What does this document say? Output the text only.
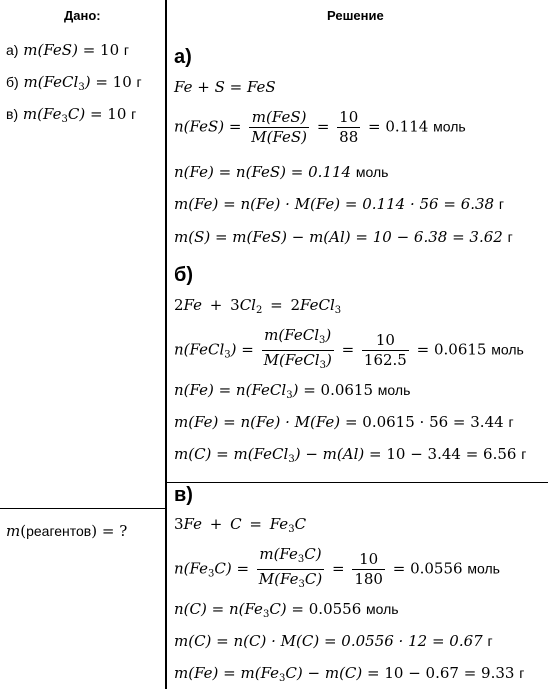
Дано:	Решение
а) m(FeS) = 10 г
б) m(FeCl$_3$) = 10 г
в) $m(Fe_3C) = 10$ г
m(реагентов) = ?
а)
Fe + S = FeS
$n(FeS) = \frac{\text{m(FeS)}}{\text{M(FeS)}} = \frac{10}{88} = 0.114$ моль
n(Fe) = n(FeS) = 0.114 моль
m(Fe) = n(Fe) · M(Fe) = 0.114 · 56 = 6.38 г
m(S) = m(FeS) − m(Al) = 10 − 6.38 = 3.62 г
б)
$2Fe + 3Cl_2$ = 2FeCl$_3$
n(FeCl$_3$) = $\frac{m(FeCl_3)}{M(FeCl_3)} = \frac{10}{162.5} = 0.0615$ моль
n(Fe) = n(FeCl$_3$) = 0.0615 моль
m(Fe) = n(Fe) · M(Fe) = 0.0615 · 56 = 3.44 г
m(C) = m(FeCl$_3$) − m(Al) = 10 − 3.44 = 6.56 г
в)
$3Fe + C = Fe_3C$
$n(Fe_3C) = \frac{m(Fe_3C)}{M(Fe_3C)} = \frac{10}{180} = 0.0556$ моль
$n(C) = n(Fe_3C) = 0.0556$ моль
m(C) = n(C) · M(C) = 0.0556 · 12 = 0.67 г
$m(Fe) = m(Fe_3C) - m(C) = 10 - 0.67 = 9.33$ г
